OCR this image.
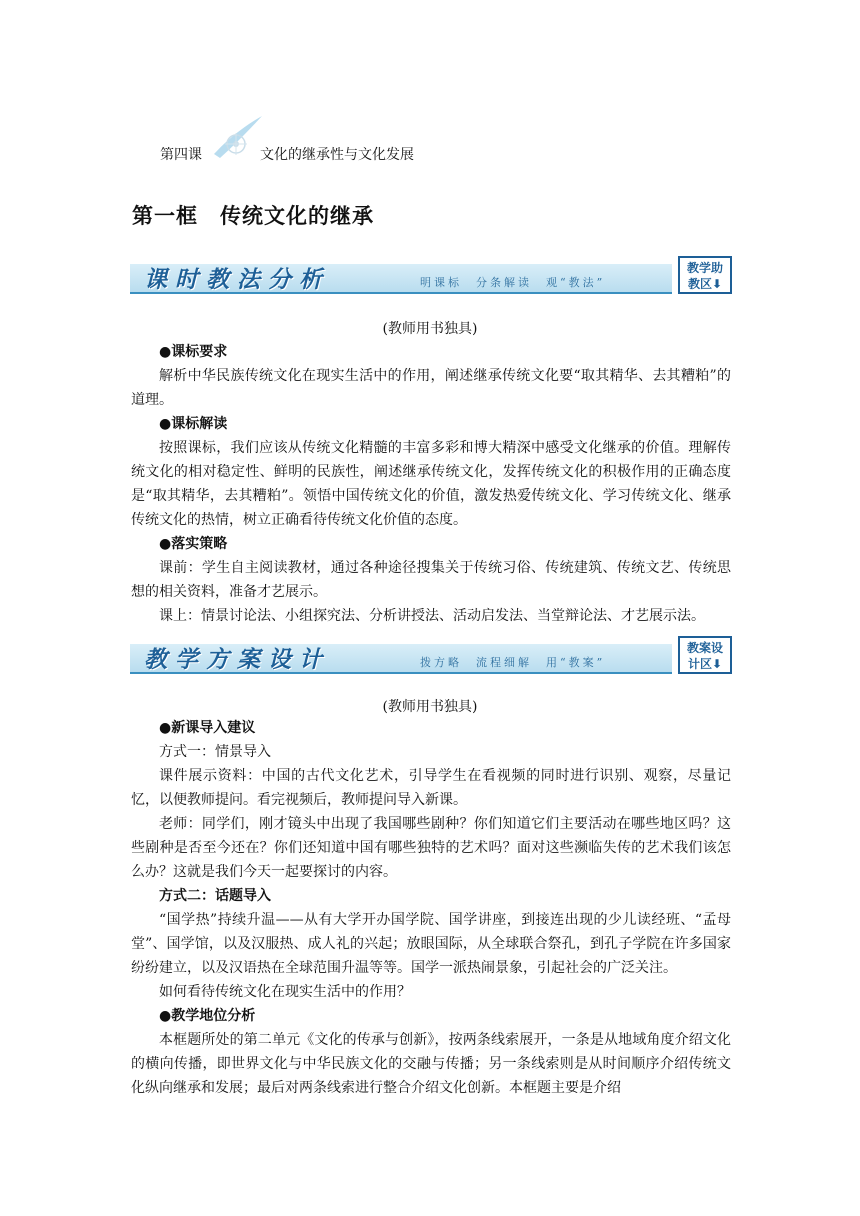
第四课	文化的继承性与文化发展
第一框　传统文化的继承
课时教法分析	明课标　分条解读　观“教法”
教学助
教区⬇
(教师用书独具)

●课标要求

解析中华民族传统文化在现实生活中的作用，阐述继承传统文化要“取其精华、去其糟粕”的道理。

●课标解读

按照课标，我们应该从传统文化精髓的丰富多彩和博大精深中感受文化继承的价值。理解传统文化的相对稳定性、鲜明的民族性，阐述继承传统文化，发挥传统文化的积极作用的正确态度是“取其精华，去其糟粕”。领悟中国传统文化的价值，激发热爱传统文化、学习传统文化、继承传统文化的热情，树立正确看待传统文化价值的态度。

●落实策略

课前：学生自主阅读教材，通过各种途径搜集关于传统习俗、传统建筑、传统文艺、传统思想的相关资料，准备才艺展示。

课上：情景讨论法、小组探究法、分析讲授法、活动启发法、当堂辩论法、才艺展示法。

教学方案设计	拨方略　流程细解　用“教案”
教案设
计区⬇
(教师用书独具)

●新课导入建议

方式一：情景导入

课件展示资料：中国的古代文化艺术，引导学生在看视频的同时进行识别、观察，尽量记忆，以便教师提问。看完视频后，教师提问导入新课。

老师：同学们，刚才镜头中出现了我国哪些剧种？你们知道它们主要活动在哪些地区吗？这些剧种是否至今还在？你们还知道中国有哪些独特的艺术吗？面对这些濒临失传的艺术我们该怎么办？这就是我们今天一起要探讨的内容。

方式二：话题导入

“国学热”持续升温——从有大学开办国学院、国学讲座，到接连出现的少儿读经班、“孟母堂”、国学馆，以及汉服热、成人礼的兴起；放眼国际，从全球联合祭孔，到孔子学院在许多国家纷纷建立，以及汉语热在全球范围升温等等。国学一派热闹景象，引起社会的广泛关注。

如何看待传统文化在现实生活中的作用？

●教学地位分析

本框题所处的第二单元《文化的传承与创新》，按两条线索展开，一条是从地域角度介绍文化的横向传播，即世界文化与中华民族文化的交融与传播；另一条线索则是从时间顺序介绍传统文化纵向继承和发展；最后对两条线索进行整合介绍文化创新。本框题主要是介绍
